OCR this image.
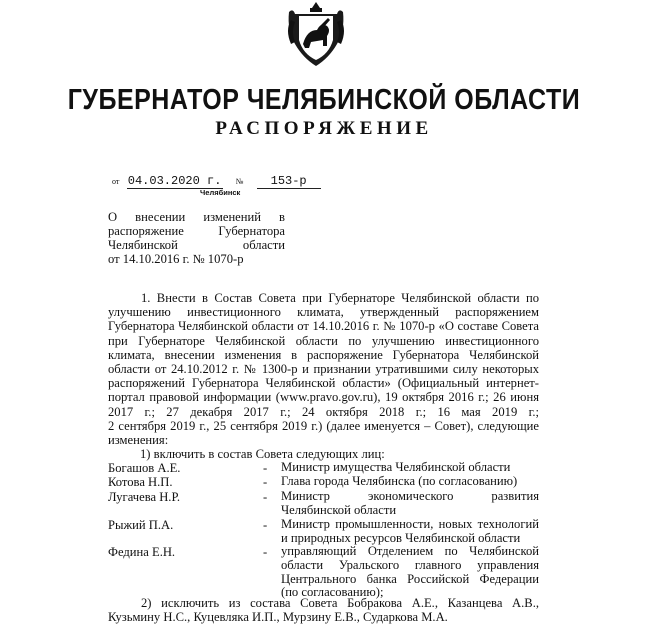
ГУБЕРНАТОР ЧЕЛЯБИНСКОЙ ОБЛАСТИ
РАСПОРЯЖЕНИЕ
от 04.03.2020 г. № 153-р
Челябинск
О внесении изменений в
распоряжение Губернатора
Челябинской области
от 14.10.2016 г. № 1070-р
1. Внести в Состав Совета при Губернаторе Челябинской области по
улучшению инвестиционного климата, утвержденный распоряжением
Губернатора Челябинской области от 14.10.2016 г. № 1070-р «О составе Совета
при Губернаторе Челябинской области по улучшению инвестиционного
климата, внесении изменения в распоряжение Губернатора Челябинской
области от 24.10.2012 г. № 1300-р и признании утратившими силу некоторых
распоряжений Губернатора Челябинской области» (Официальный интернет-
портал правовой информации (www.pravo.gov.ru), 19 октября 2016 г.; 26 июня
2017 г.; 27 декабря 2017 г.; 24 октября 2018 г.; 16 мая 2019 г.;
2 сентября 2019 г., 25 сентября 2019 г.) (далее именуется – Совет), следующие
изменения:
1) включить в состав Совета следующих лиц:
Богашов А.Е.	- Министр имущества Челябинской области
Котова Н.П.	- Глава города Челябинска (по согласованию)
Лугачева Н.Р.	- Министр экономического развития
Челябинской области
Рыжий П.А.	- Министр промышленности, новых технологий
и природных ресурсов Челябинской области
Федина Е.Н.	- управляющий Отделением по Челябинской
области Уральского главного управления
Центрального банка Российской Федерации
(по согласованию);
2) исключить из состава Совета Бобракова А.Е., Казанцева А.В.,
Кузьмину Н.С., Куцевляка И.П., Мурзину Е.В., Сударкова М.А.
